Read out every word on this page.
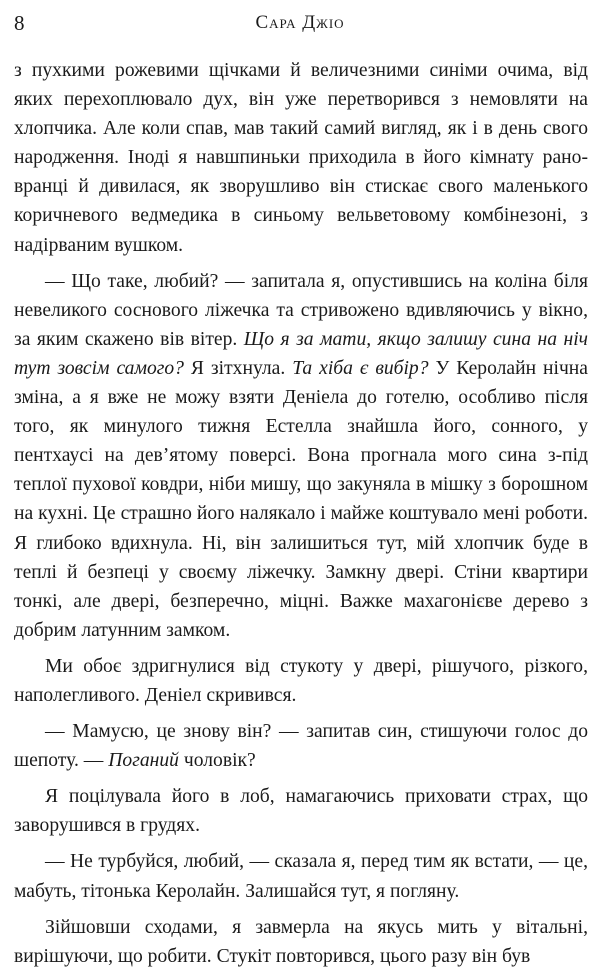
8	Сара Джіо

з пухкими рожевими щічками й величезними синіми очима, від яких перехоплювало дух, він уже перетворився з немовляти на хлопчика. Але коли спав, мав такий самий вигляд, як і в день свого народження. Іноді я навшпиньки приходила в його кімнату рано-вранці й дивилася, як зворушливо він стискає свого маленького коричневого ведмедика в синьому вельветовому комбінезоні, з надірваним вушком.

— Що таке, любий? — запитала я, опустившись на коліна біля невеликого соснового ліжечка та стривожено вдивляючись у вікно, за яким скажено вів вітер. Що я за мати, якщо залишу сина на ніч тут зовсім самого? Я зітхнула. Та хіба є вибір? У Керолайн нічна зміна, а я вже не можу взяти Деніела до готелю, особливо після того, як минулого тижня Естелла знайшла його, сонного, у пентхаусі на дев’ятому поверсі. Вона прогнала мого сина з-під теплої пухової ковдри, ніби мишу, що закуняла в мішку з борошном на кухні. Це страшно його налякало і майже коштувало мені роботи. Я глибоко вдихнула. Ні, він залишиться тут, мій хлопчик буде в теплі й безпеці у своєму ліжечку. Замкну двері. Стіни квартири тонкі, але двері, безперечно, міцні. Важке махагонієве дерево з добрим латунним замком.

Ми обоє здригнулися від стукоту у двері, рішучого, різкого, наполегливого. Деніел скривився.

— Мамусю, це знову він? — запитав син, стишуючи голос до шепоту. — Поганий чоловік?

Я поцілувала його в лоб, намагаючись приховати страх, що заворушився в грудях.

— Не турбуйся, любий, — сказала я, перед тим як встати, — це, мабуть, тітонька Керолайн. Залишайся тут, я погляну.

Зійшовши сходами, я завмерла на якусь мить у вітальні, вирішуючи, що робити. Стукіт повторився, цього разу він був
